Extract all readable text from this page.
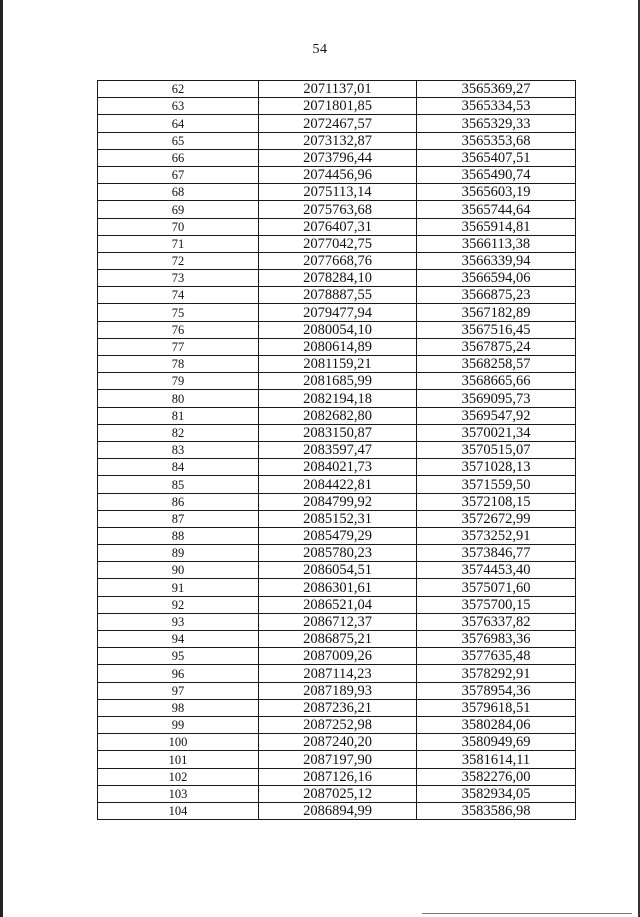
54
62	2071137,01	3565369,27
63	2071801,85	3565334,53
64	2072467,57	3565329,33
65	2073132,87	3565353,68
66	2073796,44	3565407,51
67	2074456,96	3565490,74
68	2075113,14	3565603,19
69	2075763,68	3565744,64
70	2076407,31	3565914,81
71	2077042,75	3566113,38
72	2077668,76	3566339,94
73	2078284,10	3566594,06
74	2078887,55	3566875,23
75	2079477,94	3567182,89
76	2080054,10	3567516,45
77	2080614,89	3567875,24
78	2081159,21	3568258,57
79	2081685,99	3568665,66
80	2082194,18	3569095,73
81	2082682,80	3569547,92
82	2083150,87	3570021,34
83	2083597,47	3570515,07
84	2084021,73	3571028,13
85	2084422,81	3571559,50
86	2084799,92	3572108,15
87	2085152,31	3572672,99
88	2085479,29	3573252,91
89	2085780,23	3573846,77
90	2086054,51	3574453,40
91	2086301,61	3575071,60
92	2086521,04	3575700,15
93	2086712,37	3576337,82
94	2086875,21	3576983,36
95	2087009,26	3577635,48
96	2087114,23	3578292,91
97	2087189,93	3578954,36
98	2087236,21	3579618,51
99	2087252,98	3580284,06
100	2087240,20	3580949,69
101	2087197,90	3581614,11
102	2087126,16	3582276,00
103	2087025,12	3582934,05
104	2086894,99	3583586,98
